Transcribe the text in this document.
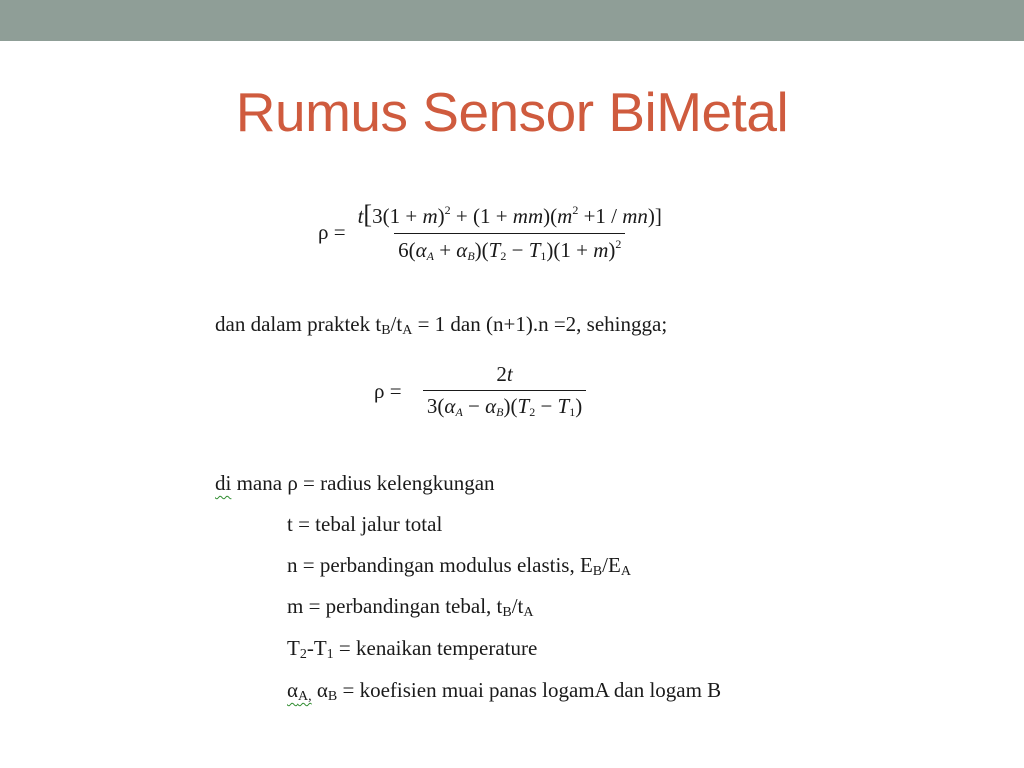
Rumus Sensor BiMetal
$\rho = \frac{t[3(1 + m)^2 + (1 + mm)(m^2 +1 / mn)]}{6(\alpha_A + \alpha_B)(T_2 - T_1)(1 + m)^2}$
dan dalam praktek $t_B/t_A = 1$ dan (n+1).n =2, sehingga;
$\rho = \frac{2t}{3(\alpha_A - \alpha_B)(T_2 - T_1)}$
di mana ρ = radius kelengkungan
t = tebal jalur total
n = perbandingan modulus elastis, $E_B/E_A$
m = perbandingan tebal, $t_B/t_A$
$T_2-T_1$ = kenaikan temperature
$\alpha_{A,}$ $\alpha_B$ = koefisien muai panas logamA dan logam B
